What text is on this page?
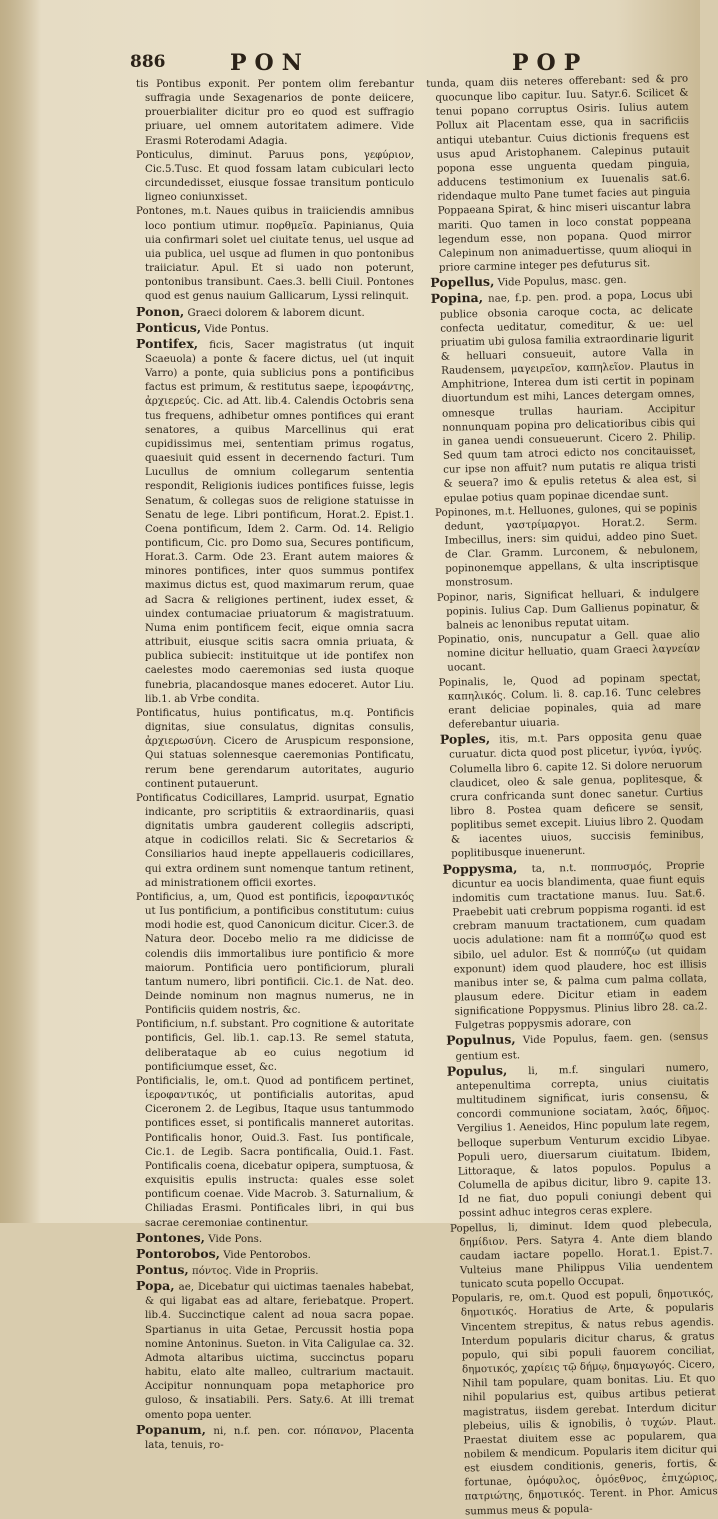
886	PON	POP
tis Pontibus exponit. Per pontem olim ferebantur suffragia unde Sexagenarios de ponte deiicere, prouerbialiter dicitur pro eo quod est suffragio priuare, uel omnem autoritatem adimere. Vide Erasmi Roterodami Adagia.
Ponticulus, diminut. Paruus pons, γεφύριον, Cic.5.Tusc. Et quod fossam latam cubiculari lecto circundedisset, eiusque fossae transitum ponticulo ligneo coniunxisset.
Pontones, m.t. Naues quibus in traiiciendis amnibus loco pontium utimur. πορθμεῖα. Papinianus, Quia uia confirmari solet uel ciuitate tenus, uel usque ad uia publica, uel usque ad flumen in quo pontonibus traiiciatur. Apul. Et si uado non poterunt, pontonibus transibunt. Caes.3. belli Ciuil. Pontones quod est genus nauium Gallicarum, Lyssi relinquit.
Ponon, Graeci dolorem & laborem dicunt.
Ponticus, Vide Pontus.
Pontifex, ficis, Sacer magistratus (ut inquit Scaeuola) a ponte & facere dictus, uel (ut inquit Varro) a ponte, quia sublicius pons a pontificibus factus est primum, & restitutus saepe, ἱεροφάντης, ἀρχιερεύς. Cic. ad Att. lib.4. Calendis Octobris sena tus frequens, adhibetur omnes pontifices qui erant senatores, a quibus Marcellinus qui erat cupidissimus mei, sententiam primus rogatus, quaesiuit quid essent in decernendo facturi. Tum Lucullus de omnium collegarum sententia respondit, Religionis iudices pontifices fuisse, legis Senatum, & collegas suos de religione statuisse in Senatu de lege. Libri pontificum, Horat.2. Epist.1. Coena pontificum, Idem 2. Carm. Od. 14. Religio pontificum, Cic. pro Domo sua, Secures pontificum, Horat.3. Carm. Ode 23. Erant autem maiores & minores pontifices, inter quos summus pontifex maximus dictus est, quod maximarum rerum, quae ad Sacra & religiones pertinent, iudex esset, & uindex contumaciae priuatorum & magistratuum. Numa enim pontificem fecit, eique omnia sacra attribuit, eiusque scitis sacra omnia priuata, & publica subiecit: instituitque ut ide pontifex non caelestes modo caeremonias sed iusta quoque funebria, placandosque manes edoceret. Autor Liu. lib.1. ab Vrbe condita.
Pontificatus, huius pontificatus, m.q. Pontificis dignitas, siue consulatus, dignitas consulis, ἀρχιερωσύνη. Cicero de Aruspicum responsione, Qui statuas solennesque caeremonias Pontificatu, rerum bene gerendarum autoritates, augurio continent putauerunt.
Pontificatus Codicillares, Lamprid. usurpat, Egnatio indicante, pro scriptitiis & extraordinariis, quasi dignitatis umbra gauderent collegiis adscripti, atque in codicillos relati. Sic & Secretarios & Consiliarios haud inepte appellaueris codicillares, qui extra ordinem sunt nomenque tantum retinent, ad ministrationem officii exortes.
Pontificius, a, um, Quod est pontificis, ἱεροφαντικός ut Ius pontificium, a pontificibus constitutum: cuius modi hodie est, quod Canonicum dicitur. Cicer.3. de Natura deor. Docebo melio ra me didicisse de colendis diis immortalibus iure pontificio & more maiorum. Pontificia uero pontificiorum, plurali tantum numero, libri pontificii. Cic.1. de Nat. deo. Deinde nominum non magnus numerus, ne in Pontificiis quidem nostris, &c.
Pontificium, n.f. substant. Pro cognitione & autoritate pontificis, Gel. lib.1. cap.13. Re semel statuta, deliberataque ab eo cuius negotium id pontificiumque esset, &c.
Pontificialis, le, om.t. Quod ad pontificem pertinet, ἱεροφαντικός, ut pontificialis autoritas, apud Ciceronem 2. de Legibus, Itaque usus tantummodo pontifices esset, si pontificalis manneret autoritas. Pontificalis honor, Ouid.3. Fast. Ius pontificale, Cic.1. de Legib. Sacra pontificalia, Ouid.1. Fast. Pontificalis coena, dicebatur opipera, sumptuosa, & exquisitis epulis instructa: quales esse solet pontificum coenae. Vide Macrob. 3. Saturnalium, & Chiliadas Erasmi. Pontificales libri, in qui bus sacrae ceremoniae continentur.
Pontones, Vide Pons.
Pontorobos, Vide Pentorobos.
Pontus, πόντος. Vide in Propriis.
Popa, ae, Dicebatur qui uictimas taenales habebat, & qui ligabat eas ad altare, feriebatque. Propert. lib.4. Succinctique calent ad noua sacra popae. Spartianus in uita Getae, Percussit hostia popa nomine Antoninus. Sueton. in Vita Caligulae ca. 32. Admota altaribus uictima, succinctus poparu habitu, elato alte malleo, cultrarium mactauit. Accipitur nonnunquam popa metaphorice pro guloso, & insatiabili. Pers. Saty.6. At illi tremat omento popa uenter.
Popanum, ni, n.f. pen. cor. πόπανον, Placenta lata, tenuis, ro-
tunda, quam diis neteres offerebant: sed & pro quocunque libo capitur. Iuu. Satyr.6. Scilicet & tenui popano corruptus Osiris. Iulius autem Pollux ait Placentam esse, qua in sacrificiis antiqui utebantur. Cuius dictionis frequens est usus apud Aristophanem. Calepinus putauit popona esse unguenta quedam pinguia, adducens testimonium ex Iuuenalis sat.6. ridendaque multo Pane tumet facies aut pinguia Poppaeana Spirat, & hinc miseri uiscantur labra mariti. Quo tamen in loco constat poppeana legendum esse, non popana. Quod mirror Calepinum non animaduertisse, quum alioqui in priore carmine integer pes defuturus sit.
Popellus, Vide Populus, masc. gen.
Popina, nae, f.p. pen. prod. a popa, Locus ubi publice obsonia caroque cocta, ac delicate confecta ueditatur, comeditur, & ue: uel priuatim ubi gulosa familia extraordinarie ligurit & helluari consueuit, autore Valla in Raudensem, μαγειρεῖον, καπηλεῖον. Plautus in Amphitrione, Interea dum isti certit in popinam diuortundum est mihi, Lances detergam omnes, omnesque trullas hauriam. Accipitur nonnunquam popina pro delicatioribus cibis qui in ganea uendi consueuerunt. Cicero 2. Philip. Sed quum tam atroci edicto nos concitauisset, cur ipse non affuit? num putatis re aliqua tristi & seuera? imo & epulis retetus & alea est, si epulae potius quam popinae dicendae sunt.
Popinones, m.t. Helluones, gulones, qui se popinis dedunt, γαστρίμαργοι. Horat.2. Serm. Imbecillus, iners: sim quidui, addeo pino Suet. de Clar. Gramm. Lurconem, & nebulonem, popinonemque appellans, & ulta inscriptisque monstrosum.
Popinor, naris, Significat helluari, & indulgere popinis. Iulius Cap. Dum Gallienus popinatur, & balneis ac lenonibus reputat uitam.
Popinatio, onis, nuncupatur a Gell. quae alio nomine dicitur helluatio, quam Graeci λαγνείαν uocant.
Popinalis, le, Quod ad popinam spectat, καπηλικός. Colum. li. 8. cap.16. Tunc celebres erant deliciae popinales, quia ad mare deferebantur uiuaria.
Poples, itis, m.t. Pars opposita genu quae curuatur. dicta quod post plicetur, ἰγνύα, ἰγνύς. Columella libro 6. capite 12. Si dolore neruorum claudicet, oleo & sale genua, poplitesque, & crura confricanda sunt donec sanetur. Curtius libro 8. Postea quam deficere se sensit, poplitibus semet excepit. Liuius libro 2. Quodam & iacentes uiuos, succisis feminibus, poplitibusque inuenerunt.
Poppysma, ta, n.t. ποππυσμός, Proprie dicuntur ea uocis blandimenta, quae fiunt equis indomitis cum tractatione manus. Iuu. Sat.6. Praebebit uati crebrum poppisma roganti. id est crebram manuum tractationem, cum quadam uocis adulatione: nam fit a ποππύζω quod est sibilo, uel adulor. Est & ποππύζω (ut quidam exponunt) idem quod plaudere, hoc est illisis manibus inter se, & palma cum palma collata, plausum edere. Dicitur etiam in eadem significatione Poppysmus. Plinius libro 28. ca.2. Fulgetras poppysmis adorare, con
Populnus, Vide Populus, faem. gen. (sensus gentium est.
Populus, li, m.f. singulari numero, antepenultima correpta, unius ciuitatis multitudinem significat, iuris consensu, & concordi communione sociatam, λαός, δῆμος. Vergilius 1. Aeneidos, Hinc populum late regem, belloque superbum Venturum excidio Libyae. Populi uero, diuersarum ciuitatum. Ibidem, Littoraque, & latos populos. Populus a Columella de apibus dicitur, libro 9. capite 13. Id ne fiat, duo populi coniungi debent qui possint adhuc integros ceras explere.
Popellus, li, diminut. Idem quod plebecula, δημίδιον. Pers. Satyra 4. Ante diem blando caudam iactare popello. Horat.1. Epist.7. Vulteius mane Philippus Vilia uendentem tunicato scuta popello Occupat.
Popularis, re, om.t. Quod est populi, δημοτικός, δημοτικός. Horatius de Arte, & popularis Vincentem strepitus, & natus rebus agendis. Interdum popularis dicitur charus, & gratus populo, qui sibi populi fauorem conciliat, δημοτικός, χαρίεις τῷ δήμῳ, δημαγωγός. Cicero, Nihil tam populare, quam bonitas. Liu. Et quo nihil popularius est, quibus artibus petierat magistratus, iisdem gerebat. Interdum dicitur plebeius, uilis & ignobilis, ὁ τυχών. Plaut. Praestat diuitem esse ac popularem, qua nobilem & mendicum. Popularis item dicitur qui est eiusdem conditionis, generis, fortis, & fortunae, ὁμόφυλος, ὁμόεθνος, ἐπιχώριος, πατριώτης, δημοτικός. Terent. in Phor. Amicus summus meus & popula-
